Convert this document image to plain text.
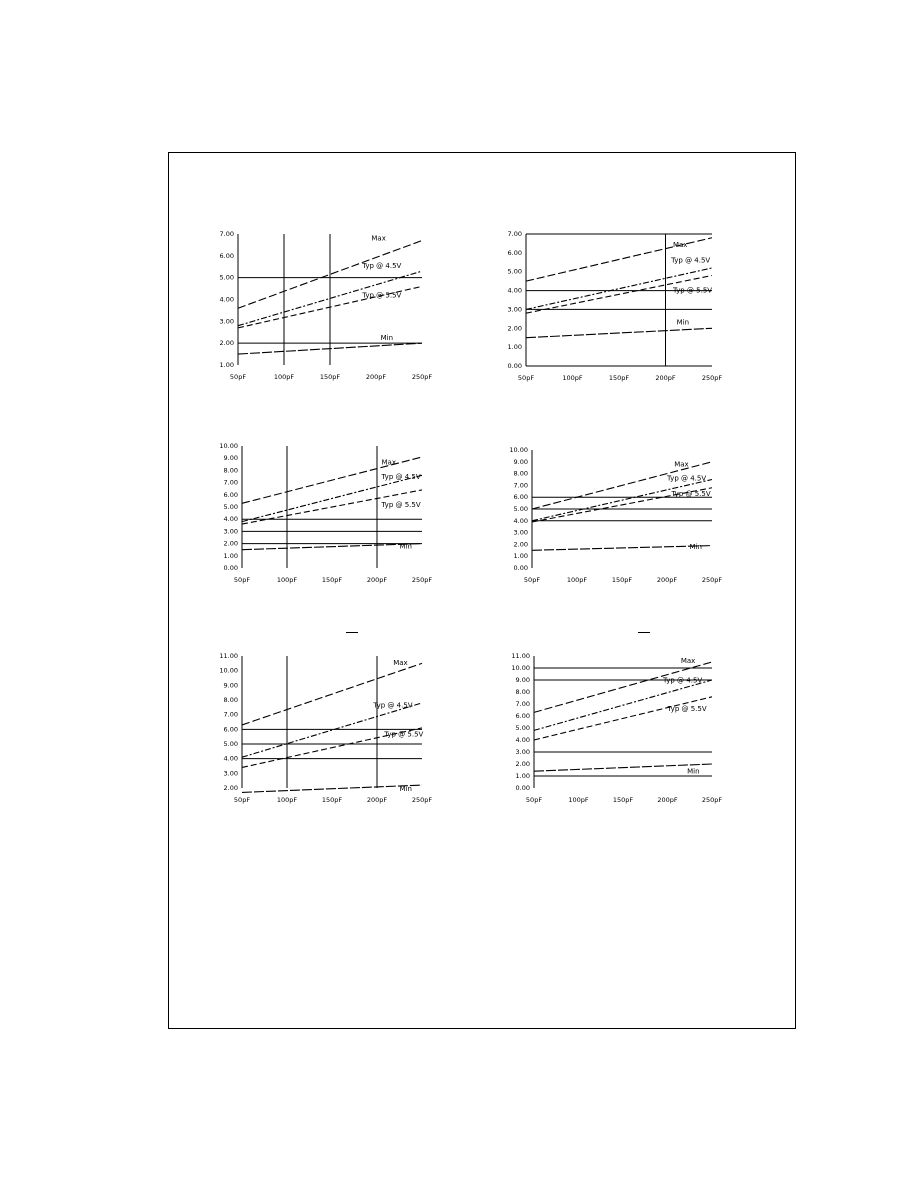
7.00
6.00
5.00
4.00
3.00
2.00
1.00
50pF	100pF	150pF	200pF	250pF
Max
Typ @ 4.5V
Typ @ 5.5V
Min
7.00
6.00
5.00
4.00
3.00
2.00
1.00
0.00
50pF	100pF	150pF	200pF	250pF
Max
Typ @ 4.5V
Typ @ 5.5V
Min
10.00
9.00
8.00
7.00
6.00
5.00
4.00
3.00
2.00
1.00
0.00
50pF	100pF	150pF	200pF	250pF
Max
Typ @ 4.5V
Typ @ 5.5V
Min
10.00
9.00
8.00
7.00
6.00
5.00
4.00
3.00
2.00
1.00
0.00
50pF	100pF	150pF	200pF	250pF
Max
Typ @ 4.5V
Typ @ 5.5V
Min
11.00
10.00
9.00
8.00
7.00
6.00
5.00
4.00
3.00
2.00
50pF	100pF	150pF	200pF	250pF
Max
Typ @ 4.5V
Typ @ 5.5V
Min
11.00
10.00
9.00
8.00
7.00
6.00
5.00
4.00
3.00
2.00
1.00
0.00
50pF	100pF	150pF	200pF	250pF
Max
Typ @ 4.5V
Typ @ 5.5V
Min
